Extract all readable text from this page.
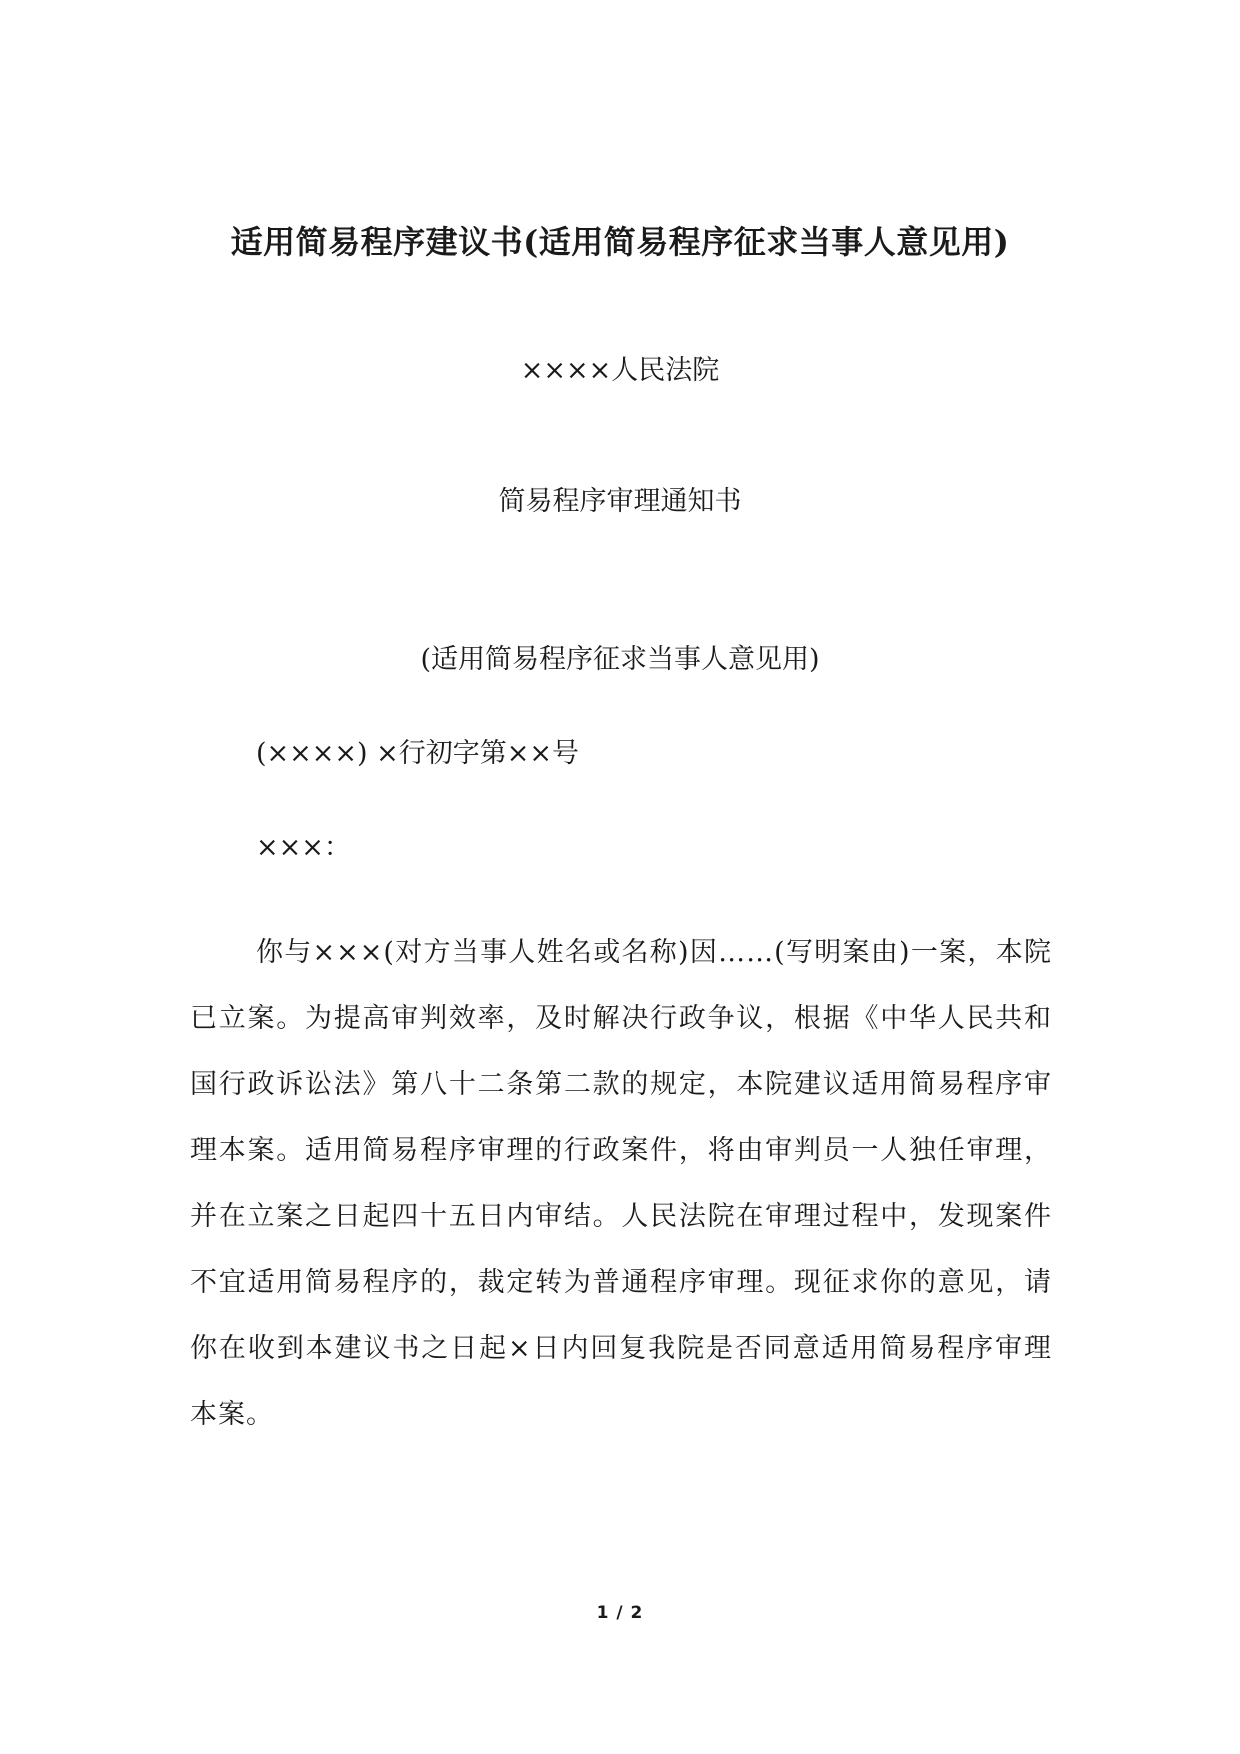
适用简易程序建议书(适用简易程序征求当事人意见用)
××××人民法院
简易程序审理通知书
(适用简易程序征求当事人意见用)
(××××) ×行初字第××号
×××：
你与×××(对方当事人姓名或名称)因……(写明案由)一案，本院已立案。为提高审判效率，及时解决行政争议，根据《中华人民共和国行政诉讼法》第八十二条第二款的规定，本院建议适用简易程序审理本案。适用简易程序审理的行政案件，将由审判员一人独任审理，并在立案之日起四十五日内审结。人民法院在审理过程中，发现案件不宜适用简易程序的，裁定转为普通程序审理。现征求你的意见，请你在收到本建议书之日起×日内回复我院是否同意适用简易程序审理本案。
1 / 2
